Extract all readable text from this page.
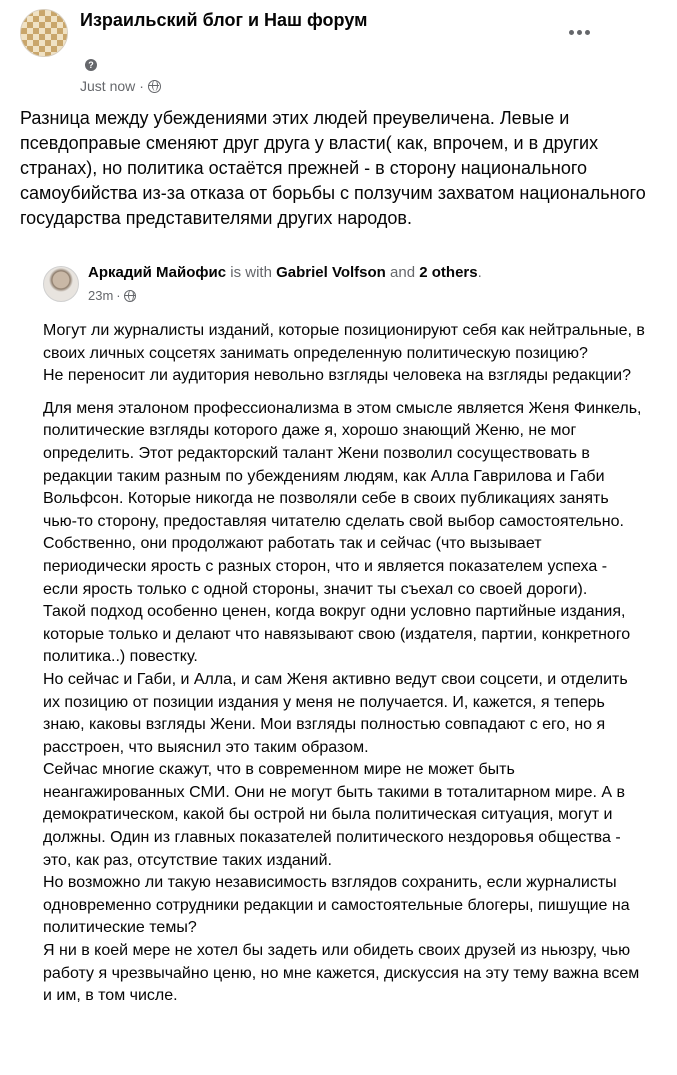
Израильский блог и Наш форум
?
Just now ·
Разница между убеждениями этих людей преувеличена. Левые и псевдоправые сменяют друг друга у власти( как, впрочем, и в других странах), но политика остаётся прежней - в сторону национального самоубийства из-за отказа от борьбы с ползучим захватом национального государства представителями других народов.
Аркадий Майофис is with Gabriel Volfson and 2 others.
23m ·

Могут ли журналисты изданий, которые позиционируют себя как нейтральные, в своих личных соцсетях занимать определенную политическую позицию?

Не переносит ли аудитория невольно взгляды человека на взгляды редакции?

Для меня эталоном профессионализма в этом смысле является Женя Финкель, политические взгляды которого даже я, хорошо знающий Женю, не мог определить. Этот редакторский талант Жени позволил сосуществовать в редакции таким разным по убеждениям людям, как Алла Гаврилова и Габи Вольфсон. Которые никогда не позволяли себе в своих публикациях занять чью-то сторону, предоставляя читателю сделать свой выбор самостоятельно. Собственно, они продолжают работать так и сейчас (что вызывает периодически ярость с разных сторон, что и является показателем успеха - если ярость только с одной стороны, значит ты съехал со своей дороги).

Такой подход особенно ценен, когда вокруг одни условно партийные издания, которые только и делают что навязывают свою (издателя, партии, конкретного политика..) повестку.

Но сейчас и Габи, и Алла, и сам Женя активно ведут свои соцсети, и отделить их позицию от позиции издания у меня не получается. И, кажется, я теперь знаю, каковы взгляды Жени. Мои взгляды полностью совпадают с его, но я расстроен, что выяснил это таким образом.

Сейчас многие скажут, что в современном мире не может быть неангажированных СМИ. Они не могут быть такими в тоталитарном мире. А в демократическом, какой бы острой ни была политическая ситуация, могут и должны. Один из главных показателей политического нездоровья общества - это, как раз, отсутствие таких изданий.

Но возможно ли такую независимость взглядов сохранить, если журналисты одновременно сотрудники редакции и самостоятельные блогеры, пишущие на политические темы?

Я ни в коей мере не хотел бы задеть или обидеть своих друзей из ньюзру, чью работу я чрезвычайно ценю, но мне кажется, дискуссия на эту тему важна всем и им, в том числе.
